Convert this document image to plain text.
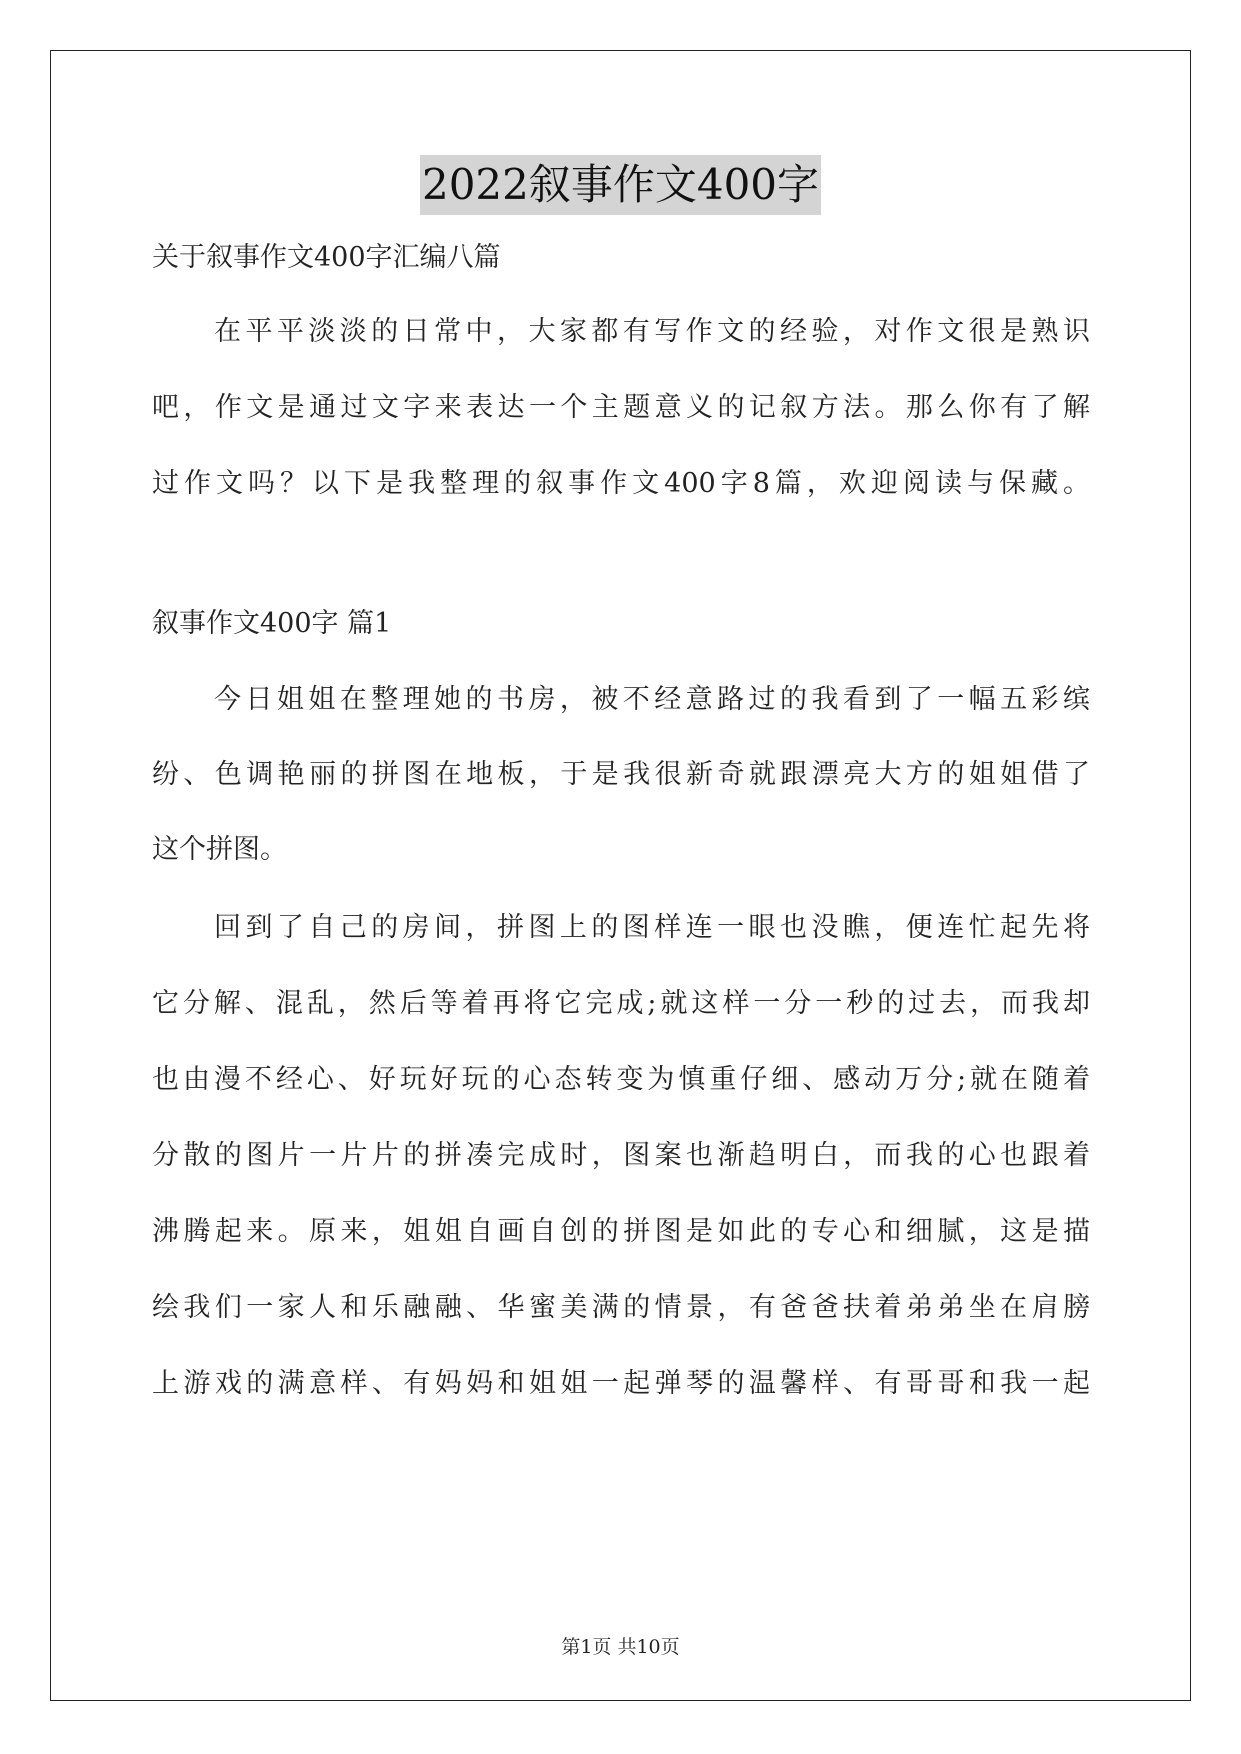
2022叙事作文400字
关于叙事作文400字汇编八篇
在平平淡淡的日常中，大家都有写作文的经验，对作文很是熟识
吧，作文是通过文字来表达一个主题意义的记叙方法。那么你有了解
过作文吗？以下是我整理的叙事作文400字8篇，欢迎阅读与保藏。
叙事作文400字 篇1
今日姐姐在整理她的书房，被不经意路过的我看到了一幅五彩缤
纷、色调艳丽的拼图在地板，于是我很新奇就跟漂亮大方的姐姐借了
这个拼图。
回到了自己的房间，拼图上的图样连一眼也没瞧，便连忙起先将
它分解、混乱，然后等着再将它完成;就这样一分一秒的过去，而我却
也由漫不经心、好玩好玩的心态转变为慎重仔细、感动万分;就在随着
分散的图片一片片的拼凑完成时，图案也渐趋明白，而我的心也跟着
沸腾起来。原来，姐姐自画自创的拼图是如此的专心和细腻，这是描
绘我们一家人和乐融融、华蜜美满的情景，有爸爸扶着弟弟坐在肩膀
上游戏的满意样、有妈妈和姐姐一起弹琴的温馨样、有哥哥和我一起
第1页 共10页
